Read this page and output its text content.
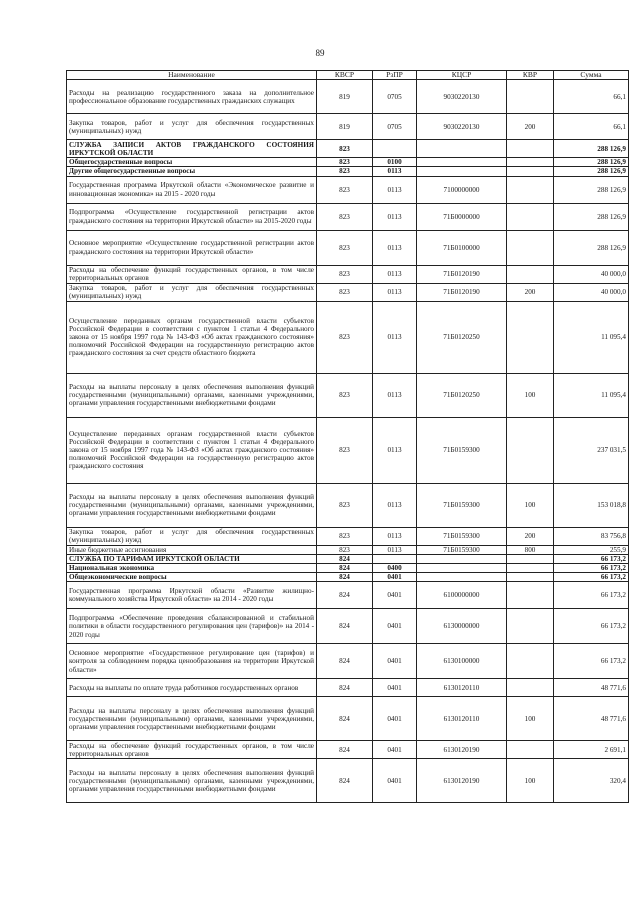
89
Наименование	КВСР	РзПР	КЦСР	КВР	Сумма
Расходы на реализацию государственного заказа на дополнительное профессиональное образование государственных гражданских служащих	819	0705	9030220130		66,1
Закупка товаров, работ и услуг для обеспечения государственных (муниципальных) нужд	819	0705	9030220130	200	66,1
СЛУЖБА ЗАПИСИ АКТОВ ГРАЖДАНСКОГО СОСТОЯНИЯ ИРКУТСКОЙ ОБЛАСТИ	823				288 126,9
Общегосударственные вопросы	823	0100			288 126,9
Другие общегосударственные вопросы	823	0113			288 126,9
Государственная программа Иркутской области «Экономическое развитие и инновационная экономика» на 2015 - 2020 годы	823	0113	7100000000		288 126,9
Подпрограмма «Осуществление государственной регистрации актов гражданского состояния на территории Иркутской области» на 2015-2020 годы	823	0113	71Б0000000		288 126,9
Основное мероприятие «Осуществление государственной регистрации актов гражданского состояния на территории Иркутской области»	823	0113	71Б0100000		288 126,9
Расходы на обеспечение функций государственных органов, в том числе территориальных органов	823	0113	71Б0120190		40 000,0
Закупка товаров, работ и услуг для обеспечения государственных (муниципальных) нужд	823	0113	71Б0120190	200	40 000,0
Осуществление переданных органам государственной власти субъектов Российской Федерации в соответствии с пунктом 1 статьи 4 Федерального закона от 15 ноября 1997 года № 143-ФЗ «Об актах гражданского состояния» полномочий Российской Федерации на государственную регистрацию актов гражданского состояния за счет средств областного бюджета	823	0113	71Б0120250		11 095,4
Расходы на выплаты персоналу в целях обеспечения выполнения функций государственными (муниципальными) органами, казенными учреждениями, органами управления государственными внебюджетными фондами	823	0113	71Б0120250	100	11 095,4
Осуществление переданных органам государственной власти субъектов Российской Федерации в соответствии с пунктом 1 статьи 4 Федерального закона от 15 ноября 1997 года № 143-ФЗ «Об актах гражданского состояния» полномочий Российской Федерации на государственную регистрацию актов гражданского состояния	823	0113	71Б0159300		237 031,5
Расходы на выплаты персоналу в целях обеспечения выполнения функций государственными (муниципальными) органами, казенными учреждениями, органами управления государственными внебюджетными фондами	823	0113	71Б0159300	100	153 018,8
Закупка товаров, работ и услуг для обеспечения государственных (муниципальных) нужд	823	0113	71Б0159300	200	83 756,8
Иные бюджетные ассигнования	823	0113	71Б0159300	800	255,9
СЛУЖБА ПО ТАРИФАМ ИРКУТСКОЙ ОБЛАСТИ	824				66 173,2
Национальная экономика	824	0400			66 173,2
Общеэкономические вопросы	824	0401			66 173,2
Государственная программа Иркутской области «Развитие жилищно-коммунального хозяйства Иркутской области» на 2014 - 2020 годы	824	0401	6100000000		66 173,2
Подпрограмма «Обеспечение проведения сбалансированной и стабильной политики в области государственного регулирования цен (тарифов)» на 2014 - 2020 годы	824	0401	6130000000		66 173,2
Основное мероприятие «Государственное регулирование цен (тарифов) и контроля за соблюдением порядка ценообразования на территории Иркутской области»	824	0401	6130100000		66 173,2
Расходы на выплаты по оплате труда работников государственных органов	824	0401	6130120110		48 771,6
Расходы на выплаты персоналу в целях обеспечения выполнения функций государственными (муниципальными) органами, казенными учреждениями, органами управления государственными внебюджетными фондами	824	0401	6130120110	100	48 771,6
Расходы на обеспечение функций государственных органов, в том числе территориальных органов	824	0401	6130120190		2 691,1
Расходы на выплаты персоналу в целях обеспечения выполнения функций государственными (муниципальными) органами, казенными учреждениями, органами управления государственными внебюджетными фондами	824	0401	6130120190	100	320,4
